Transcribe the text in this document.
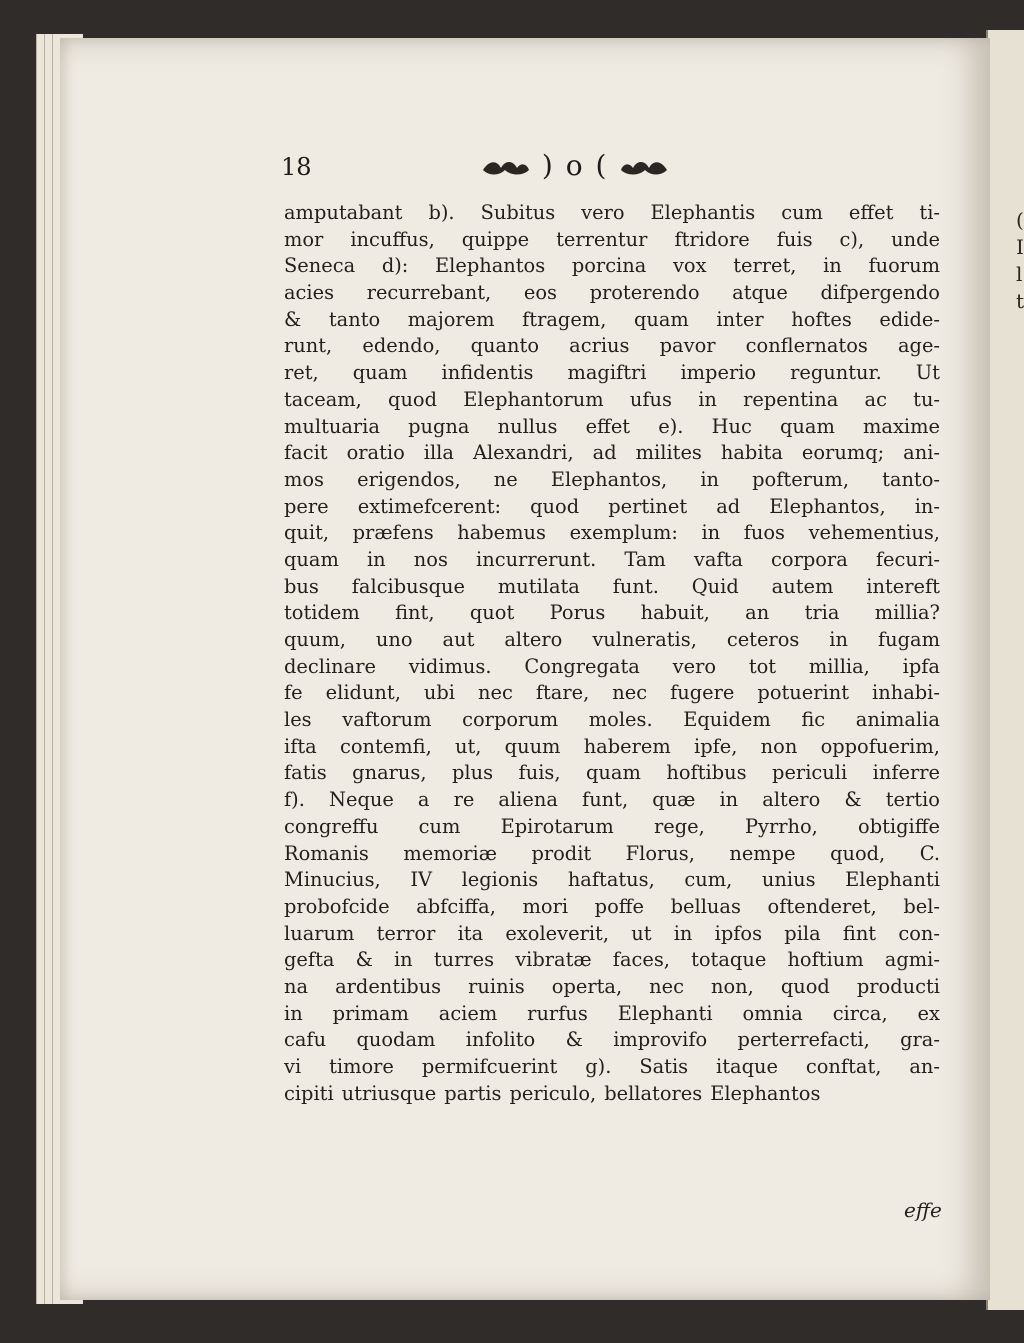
(
I
l
t
18	) o (
amputabant b). Subitus vero Elephantis cum effet ti-
mor incuffus, quippe terrentur ftridore fuis c), unde
Seneca d): Elephantos porcina vox terret, in fuorum
acies recurrebant, eos proterendo atque difpergendo
& tanto majorem ftragem, quam inter hoftes edide-
runt, edendo, quanto acrius pavor conflernatos age-
ret, quam infidentis magiftri imperio reguntur. Ut
taceam, quod Elephantorum ufus in repentina ac tu-
multuaria pugna nullus effet e). Huc quam maxime
facit oratio illa Alexandri, ad milites habita eorumq; ani-
mos erigendos, ne Elephantos, in pofterum, tanto-
pere extimefcerent: quod pertinet ad Elephantos, in-
quit, præfens habemus exemplum: in fuos vehementius,
quam in nos incurrerunt. Tam vafta corpora fecuri-
bus falcibusque mutilata funt. Quid autem intereft
totidem fint, quot Porus habuit, an tria millia?
quum, uno aut altero vulneratis, ceteros in fugam
declinare vidimus. Congregata vero tot millia, ipfa
fe elidunt, ubi nec ftare, nec fugere potuerint inhabi-
les vaftorum corporum moles. Equidem fic animalia
ifta contemfi, ut, quum haberem ipfe, non oppofuerim,
fatis gnarus, plus fuis, quam hoftibus periculi inferre
f). Neque a re aliena funt, quæ in altero & tertio
congreffu cum Epirotarum rege, Pyrrho, obtigiffe
Romanis memoriæ prodit Florus, nempe quod, C.
Minucius, IV legionis haftatus, cum, unius Elephanti
probofcide abfciffa, mori poffe belluas oftenderet, bel-
luarum terror ita exoleverit, ut in ipfos pila fint con-
gefta & in turres vibratæ faces, totaque hoftium agmi-
na ardentibus ruinis operta, nec non, quod producti
in primam aciem rurfus Elephanti omnia circa, ex
cafu quodam infolito & improvifo perterrefacti, gra-
vi timore permifcuerint g). Satis itaque conftat, an-
cipiti utriusque partis periculo, bellatores Elephantos
effe
